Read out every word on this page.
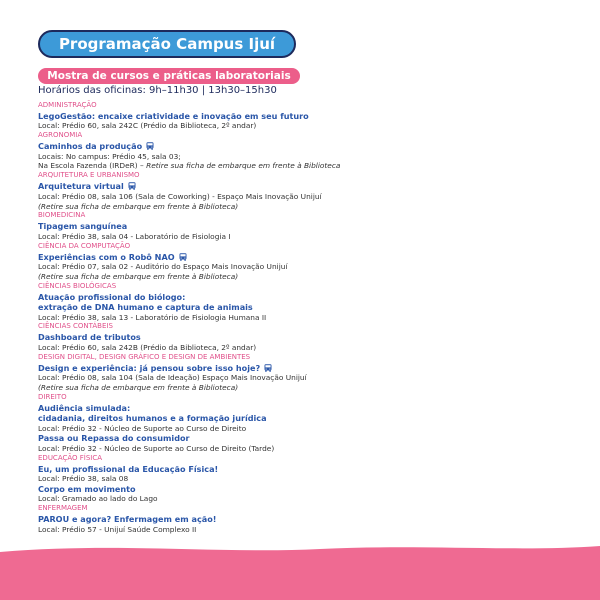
Programação Campus Ijuí
Mostra de cursos e práticas laboratoriais
Horários das oficinas: 9h–11h30 | 13h30–15h30
ADMINISTRAÇÃO
LegoGestão: encaixe criatividade e inovação em seu futuro
Local: Prédio 60, sala 242C (Prédio da Biblioteca, 2º andar)
AGRONOMIA
Caminhos da produção
Locais: No campus: Prédio 45, sala 03;
Na Escola Fazenda (IRDeR) – Retire sua ficha de embarque em frente à Biblioteca
ARQUITETURA E URBANISMO
Arquitetura virtual
Local: Prédio 08, sala 106 (Sala de Coworking) - Espaço Mais Inovação Unijuí
(Retire sua ficha de embarque em frente à Biblioteca)
BIOMEDICINA
Tipagem sanguínea
Local: Prédio 38, sala 04 - Laboratório de Fisiologia I
CIÊNCIA DA COMPUTAÇÃO
Experiências com o Robô NAO
Local: Prédio 07, sala 02 - Auditório do Espaço Mais Inovação Unijuí
(Retire sua ficha de embarque em frente à Biblioteca)
CIÊNCIAS BIOLÓGICAS
Atuação profissional do biólogo:
extração de DNA humano e captura de animais
Local: Prédio 38, sala 13 - Laboratório de Fisiologia Humana II
CIÊNCIAS CONTÁBEIS
Dashboard de tributos
Local: Prédio 60, sala 242B (Prédio da Biblioteca, 2º andar)
DESIGN DIGITAL, DESIGN GRÁFICO E DESIGN DE AMBIENTES
Design e experiência: já pensou sobre isso hoje?
Local: Prédio 08, sala 104 (Sala de Ideação) Espaço Mais Inovação Unijuí
(Retire sua ficha de embarque em frente à Biblioteca)
DIREITO
Audiência simulada:
cidadania, direitos humanos e a formação jurídica
Local: Prédio 32 - Núcleo de Suporte ao Curso de Direito
Passa ou Repassa do consumidor
Local: Prédio 32 - Núcleo de Suporte ao Curso de Direito (Tarde)
EDUCAÇÃO FÍSICA
Eu, um profissional da Educação Física!
Local: Prédio 38, sala 08
Corpo em movimento
Local: Gramado ao lado do Lago
ENFERMAGEM
PAROU e agora? Enfermagem em ação!
Local: Prédio 57 - Unijuí Saúde Complexo II
